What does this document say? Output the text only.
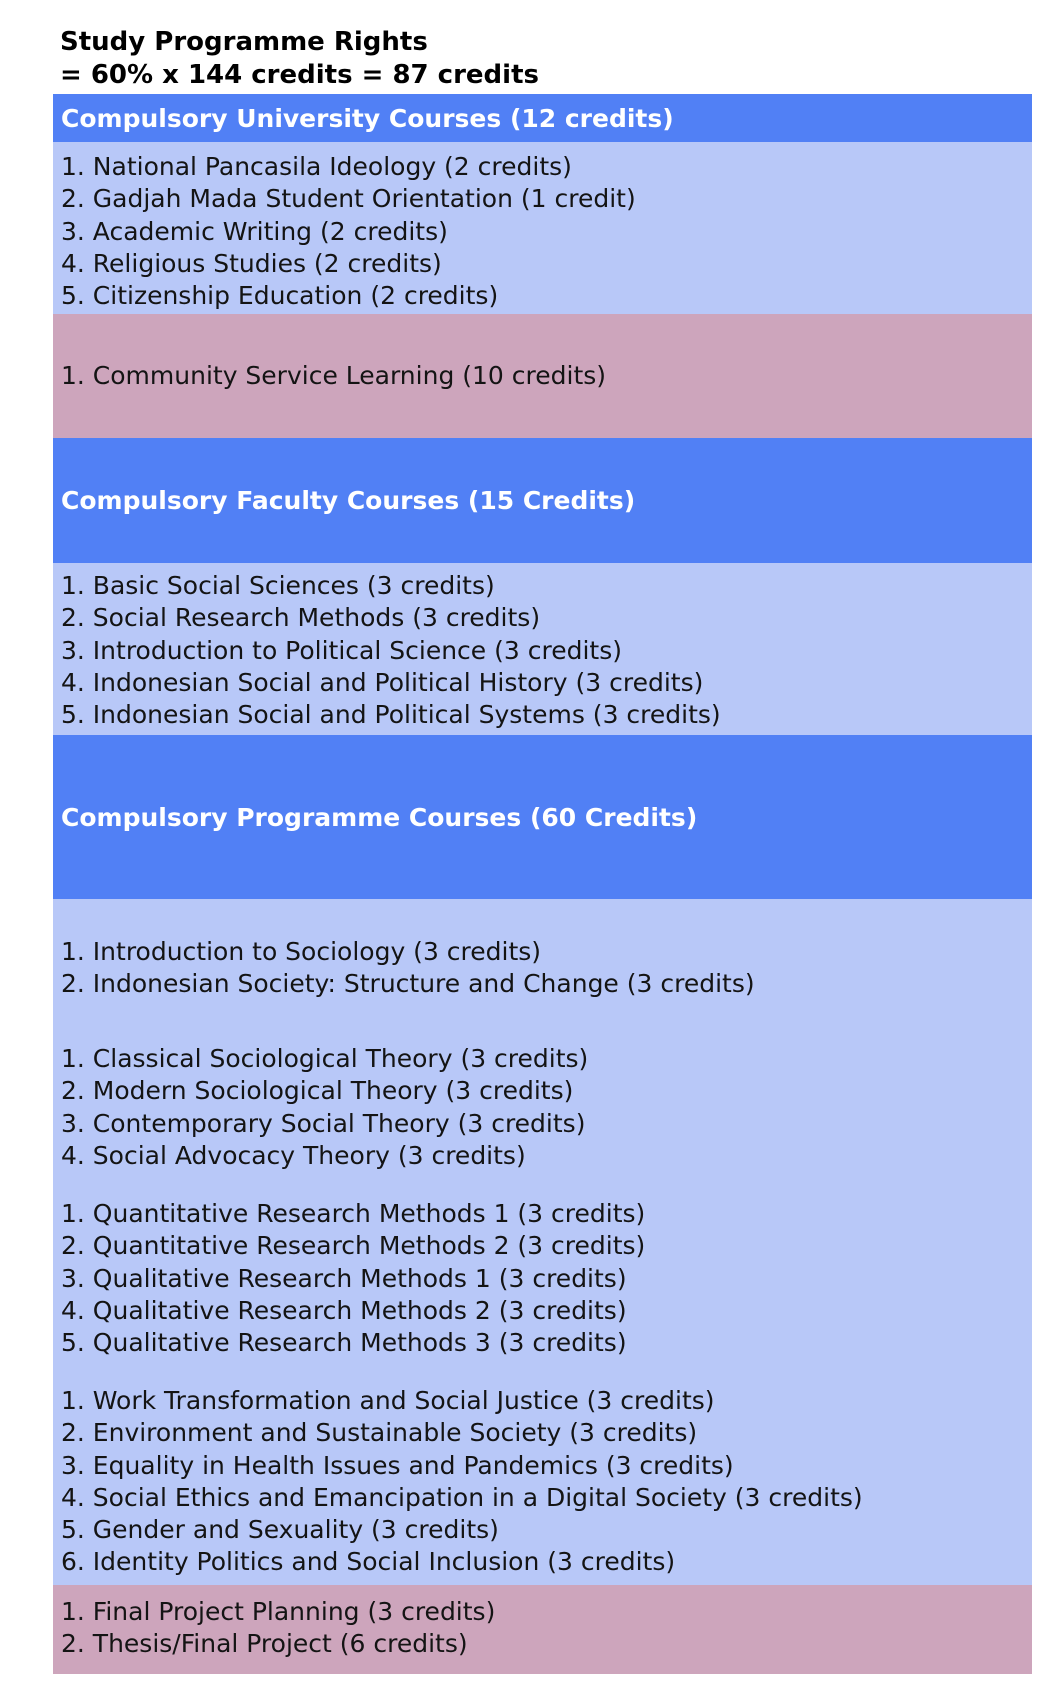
Study Programme Rights
= 60% x 144 credits = 87 credits
Compulsory University Courses (12 credits)
1. National Pancasila Ideology (2 credits)
2. Gadjah Mada Student Orientation (1 credit)
3. Academic Writing (2 credits)
4. Religious Studies (2 credits)
5. Citizenship Education (2 credits)
1. Community Service Learning (10 credits)
Compulsory Faculty Courses (15 Credits)
1. Basic Social Sciences (3 credits)
2. Social Research Methods (3 credits)
3. Introduction to Political Science (3 credits)
4. Indonesian Social and Political History (3 credits)
5. Indonesian Social and Political Systems (3 credits)
Compulsory Programme Courses (60 Credits)
1. Introduction to Sociology (3 credits)
2. Indonesian Society: Structure and Change (3 credits)
1. Classical Sociological Theory (3 credits)
2. Modern Sociological Theory (3 credits)
3. Contemporary Social Theory (3 credits)
4. Social Advocacy Theory (3 credits)
1. Quantitative Research Methods 1 (3 credits)
2. Quantitative Research Methods 2 (3 credits)
3. Qualitative Research Methods 1 (3 credits)
4. Qualitative Research Methods 2 (3 credits)
5. Qualitative Research Methods 3 (3 credits)
1. Work Transformation and Social Justice (3 credits)
2. Environment and Sustainable Society (3 credits)
3. Equality in Health Issues and Pandemics (3 credits)
4. Social Ethics and Emancipation in a Digital Society (3 credits)
5. Gender and Sexuality (3 credits)
6. Identity Politics and Social Inclusion (3 credits)
1. Final Project Planning (3 credits)
2. Thesis/Final Project (6 credits)
